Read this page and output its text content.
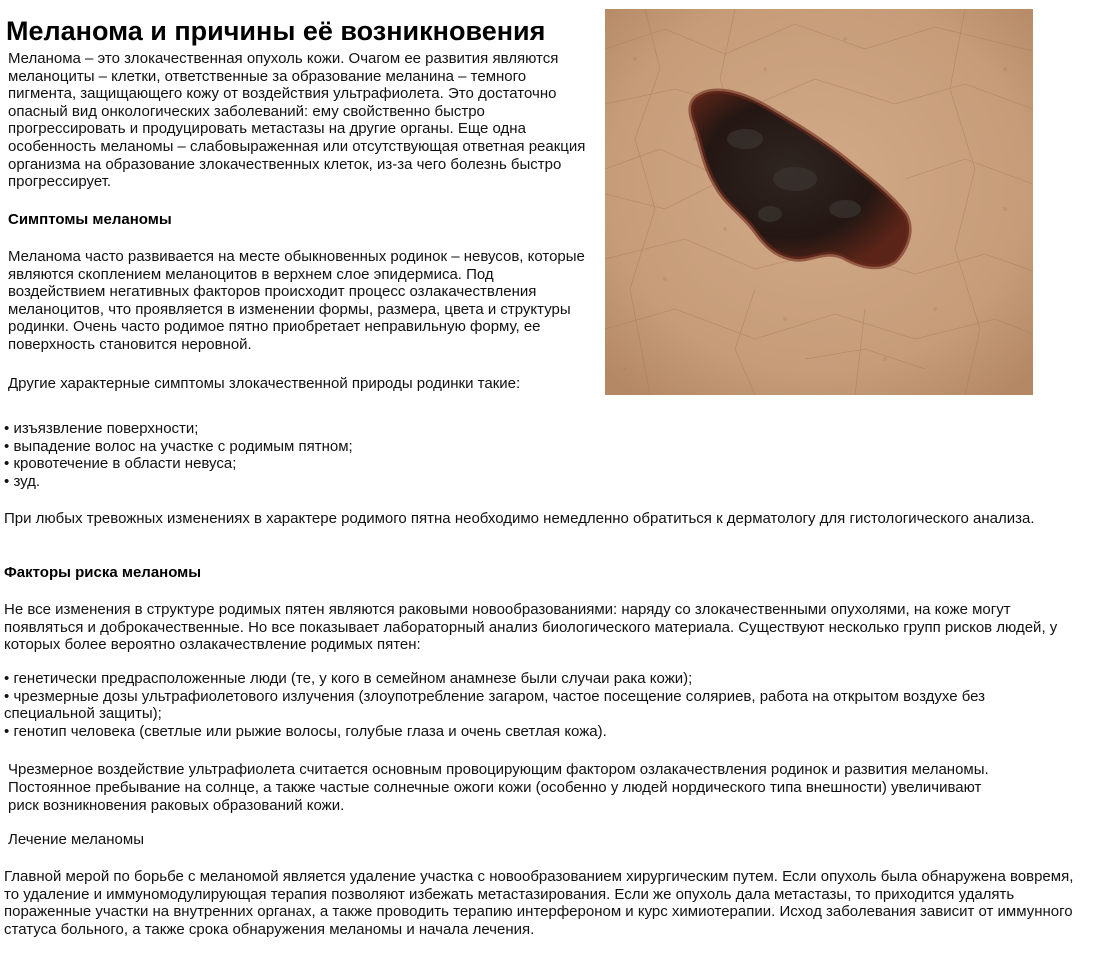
Меланома и причины её возникновения

Меланома – это злокачественная опухоль кожи. Очагом ее развития являются меланоциты – клетки, ответственные за образование меланина – темного пигмента, защищающего кожу от воздействия ультрафиолета. Это достаточно опасный вид онкологических заболеваний: ему свойственно быстро прогрессировать и продуцировать метастазы на другие органы. Еще одна особенность меланомы – слабовыраженная или отсутствующая ответная реакция организма на образование злокачественных клеток, из-за чего болезнь быстро прогрессирует.

Симптомы меланомы

Меланома часто развивается на месте обыкновенных родинок – невусов, которые являются скоплением меланоцитов в верхнем слое эпидермиса. Под воздействием негативных факторов происходит процесс озлакачествления меланоцитов, что проявляется в изменении формы, размера, цвета и структуры родинки. Очень часто родимое пятно приобретает неправильную форму, ее поверхность становится неровной.

Другие характерные симптомы злокачественной природы родинки такие:

• изъязвление поверхности;
• выпадение волос на участке с родимым пятном;
• кровотечение в области невуса;
• зуд.

При любых тревожных изменениях в характере родимого пятна необходимо немедленно обратиться к дерматологу для гистологического анализа.

Факторы риска меланомы

Не все изменения в структуре родимых пятен являются раковыми новообразованиями: наряду со злокачественными опухолями, на коже могут появляться и доброкачественные. Но все показывает лабораторный анализ биологического материала. Существуют несколько групп рисков людей, у которых более вероятно озлакачествление родимых пятен:

• генетически предрасположенные люди (те, у кого в семейном анамнезе были случаи рака кожи);
• чрезмерные дозы ультрафиолетового излучения (злоупотребление загаром, частое посещение соляриев, работа на открытом воздухе без специальной защиты);
• генотип человека (светлые или рыжие волосы, голубые глаза и очень светлая кожа).

Чрезмерное воздействие ультрафиолета считается основным провоцирующим фактором озлакачествления родинок и развития меланомы.

Постоянное пребывание на солнце, а также частые солнечные ожоги кожи (особенно у людей нордического типа внешности) увеличивают

риск возникновения раковых образований кожи.

Лечение меланомы

Главной мерой по борьбе с меланомой является удаление участка с новообразованием хирургическим путем. Если опухоль была обнаружена вовремя, то удаление и иммуномодулирующая терапия позволяют избежать метастазирования. Если же опухоль дала метастазы, то приходится удалять пораженные участки на внутренних органах, а также проводить терапию интерфероном и курс химиотерапии. Исход заболевания зависит от иммунного статуса больного, а также срока обнаружения меланомы и начала лечения.
